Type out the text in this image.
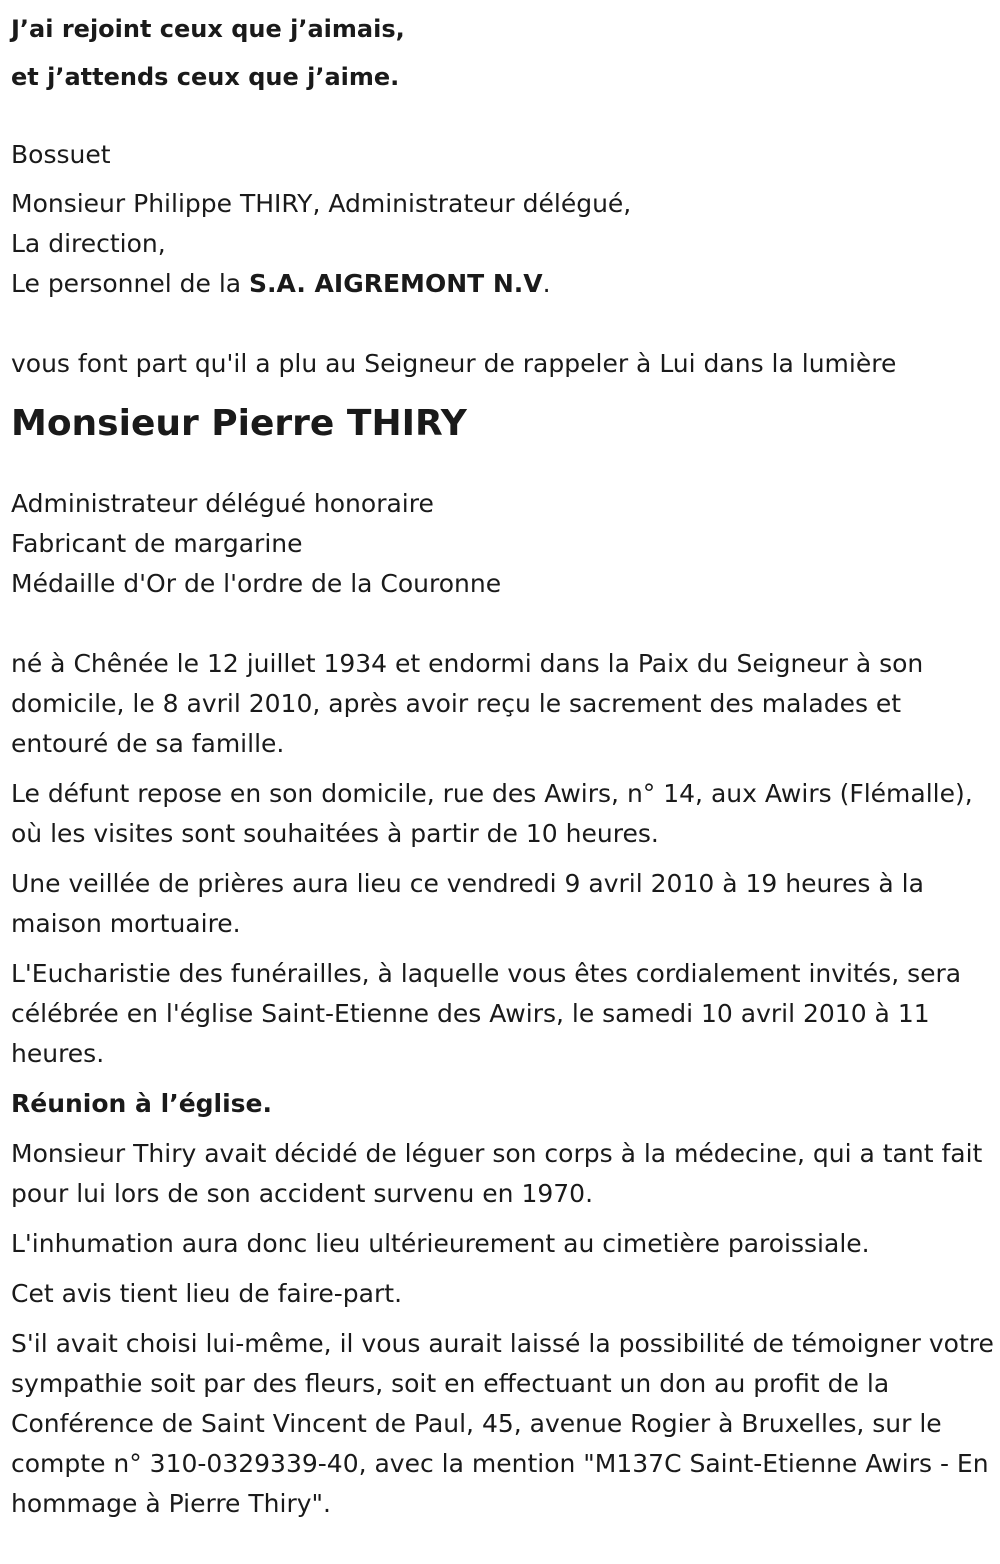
J’ai rejoint ceux que j’aimais,

et j’attends ceux que j’aime.

Bossuet

Monsieur Philippe THIRY, Administrateur délégué,

La direction,

Le personnel de la S.A. AIGREMONT N.V.

vous font part qu'il a plu au Seigneur de rappeler à Lui dans la lumière

Monsieur Pierre THIRY

Administrateur délégué honoraire

Fabricant de margarine

Médaille d'Or de l'ordre de la Couronne

né à Chênée le 12 juillet 1934 et endormi dans la Paix du Seigneur à son domicile, le 8 avril 2010, après avoir reçu le sacrement des malades et entouré de sa famille.

Le défunt repose en son domicile, rue des Awirs, n° 14, aux Awirs (Flémalle), où les visites sont souhaitées à partir de 10 heures.

Une veillée de prières aura lieu ce vendredi 9 avril 2010 à 19 heures à la maison mortuaire.

L'Eucharistie des funérailles, à laquelle vous êtes cordialement invités, sera célébrée en l'église Saint-Etienne des Awirs, le samedi 10 avril 2010 à 11 heures.

Réunion à l’église.

Monsieur Thiry avait décidé de léguer son corps à la médecine, qui a tant fait pour lui lors de son accident survenu en 1970.

L'inhumation aura donc lieu ultérieurement au cimetière paroissiale.

Cet avis tient lieu de faire-part.

S'il avait choisi lui-même, il vous aurait laissé la possibilité de témoigner votre sympathie soit par des fleurs, soit en effectuant un don au profit de la Conférence de Saint Vincent de Paul, 45, avenue Rogier à Bruxelles, sur le compte n° 310-0329339-40, avec la mention "M137C Saint-Etienne Awirs - En hommage à Pierre Thiry".
